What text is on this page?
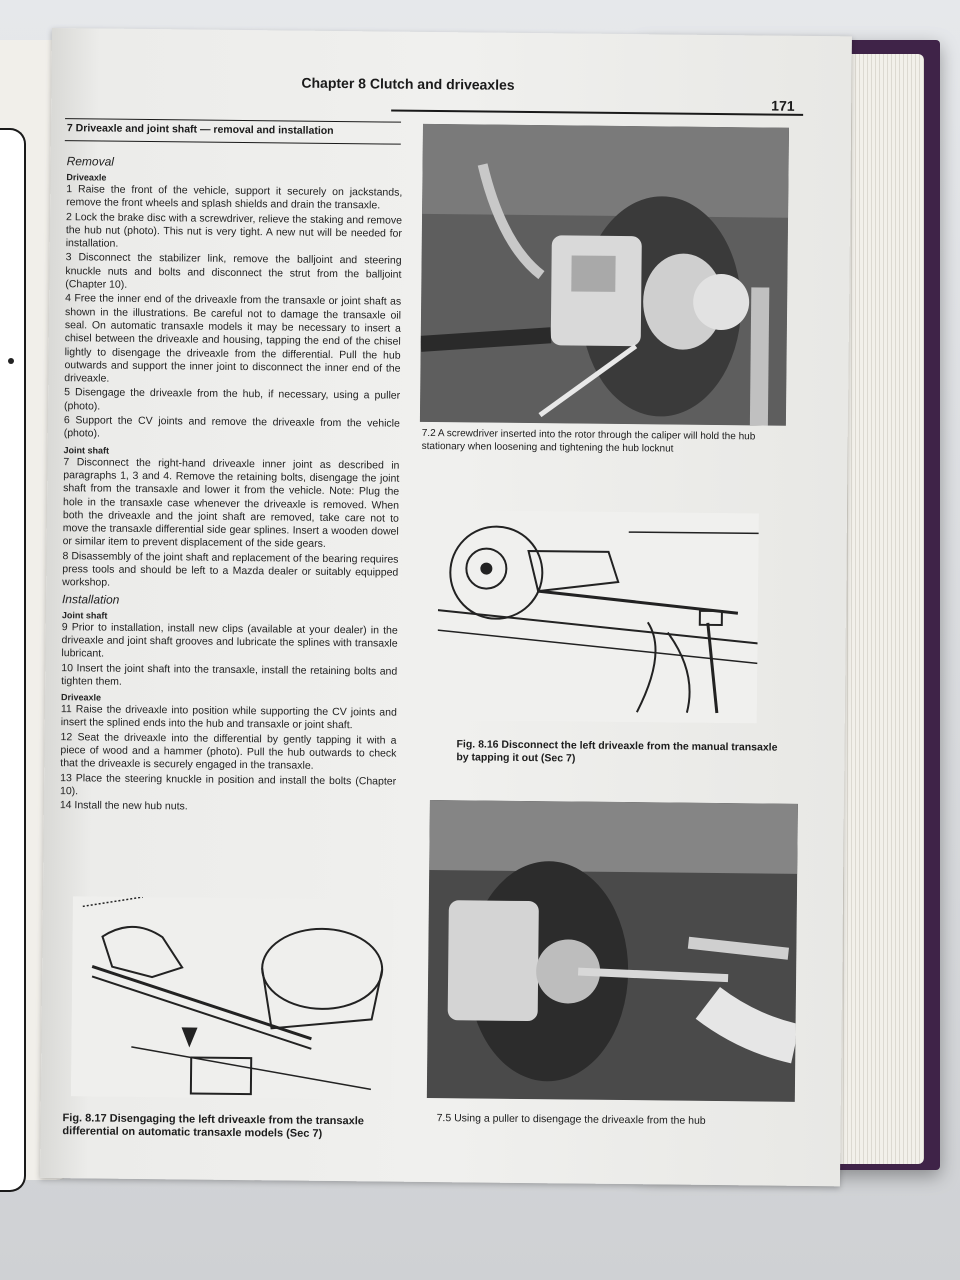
Chapter 8 Clutch and driveaxles
171
7 Driveaxle and joint shaft — removal and installation
Removal
Driveaxle

1 Raise the front of the vehicle, support it securely on jackstands, remove the front wheels and splash shields and drain the transaxle.

2 Lock the brake disc with a screwdriver, relieve the staking and remove the hub nut (photo). This nut is very tight. A new nut will be needed for installation.

3 Disconnect the stabilizer link, remove the balljoint and steering knuckle nuts and bolts and disconnect the strut from the balljoint (Chapter 10).

4 Free the inner end of the driveaxle from the transaxle or joint shaft as shown in the illustrations. Be careful not to damage the transaxle oil seal. On automatic transaxle models it may be necessary to insert a chisel between the driveaxle and housing, tapping the end of the chisel lightly to disengage the driveaxle from the differential. Pull the hub outwards and support the inner joint to disconnect the inner end of the driveaxle.

5 Disengage the driveaxle from the hub, if necessary, using a puller (photo).

6 Support the CV joints and remove the driveaxle from the vehicle (photo).

Joint shaft

7 Disconnect the right-hand driveaxle inner joint as described in paragraphs 1, 3 and 4. Remove the retaining bolts, disengage the joint shaft from the transaxle and lower it from the vehicle. Note: Plug the hole in the transaxle case whenever the driveaxle is removed. When both the driveaxle and the joint shaft are removed, take care not to move the transaxle differential side gear splines. Insert a wooden dowel or similar item to prevent displacement of the side gears.

8 Disassembly of the joint shaft and replacement of the bearing requires press tools and should be left to a Mazda dealer or suitably equipped workshop.

Installation
Joint shaft

9 Prior to installation, install new clips (available at your dealer) in the driveaxle and joint shaft grooves and lubricate the splines with transaxle lubricant.

10 Insert the joint shaft into the transaxle, install the retaining bolts and tighten them.

Driveaxle

11 Raise the driveaxle into position while supporting the CV joints and insert the splined ends into the hub and transaxle or joint shaft.

12 Seat the driveaxle into the differential by gently tapping it with a piece of wood and a hammer (photo). Pull the hub outwards to check that the driveaxle is securely engaged in the transaxle.

13 Place the steering knuckle in position and install the bolts (Chapter 10).

14 Install the new hub nuts.

7.2 A screwdriver inserted into the rotor through the caliper will hold the hub stationary when loosening and tightening the hub locknut
Fig. 8.16 Disconnect the left driveaxle from the manual transaxle by tapping it out (Sec 7)
7.5 Using a puller to disengage the driveaxle from the hub
Fig. 8.17 Disengaging the left driveaxle from the transaxle differential on automatic transaxle models (Sec 7)
